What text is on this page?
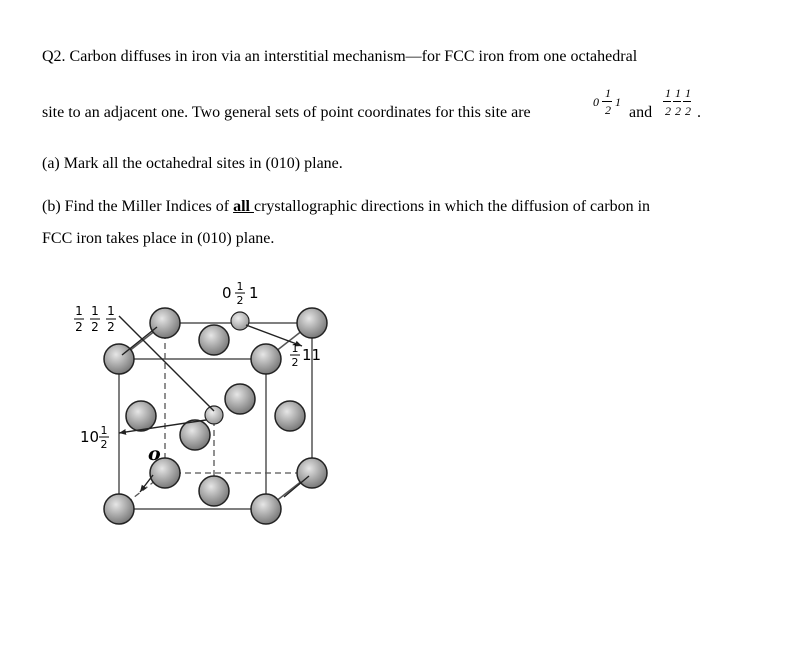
Q2. Carbon diffuses in iron via an interstitial mechanism—for FCC iron from one octahedral
site to an adjacent one. Two general sets of point coordinates for this site are
0
1
2
1
and
1 1 1
2 2 2 .
(a) Mark all the octahedral sites in (010) plane.
(b) Find the Miller Indices of all crystallographic directions in which the diffusion of carbon in
FCC iron takes place in (010) plane.
1 1 1
2 2 2
0 1
2 1
1
2 11
10 1
2 o
